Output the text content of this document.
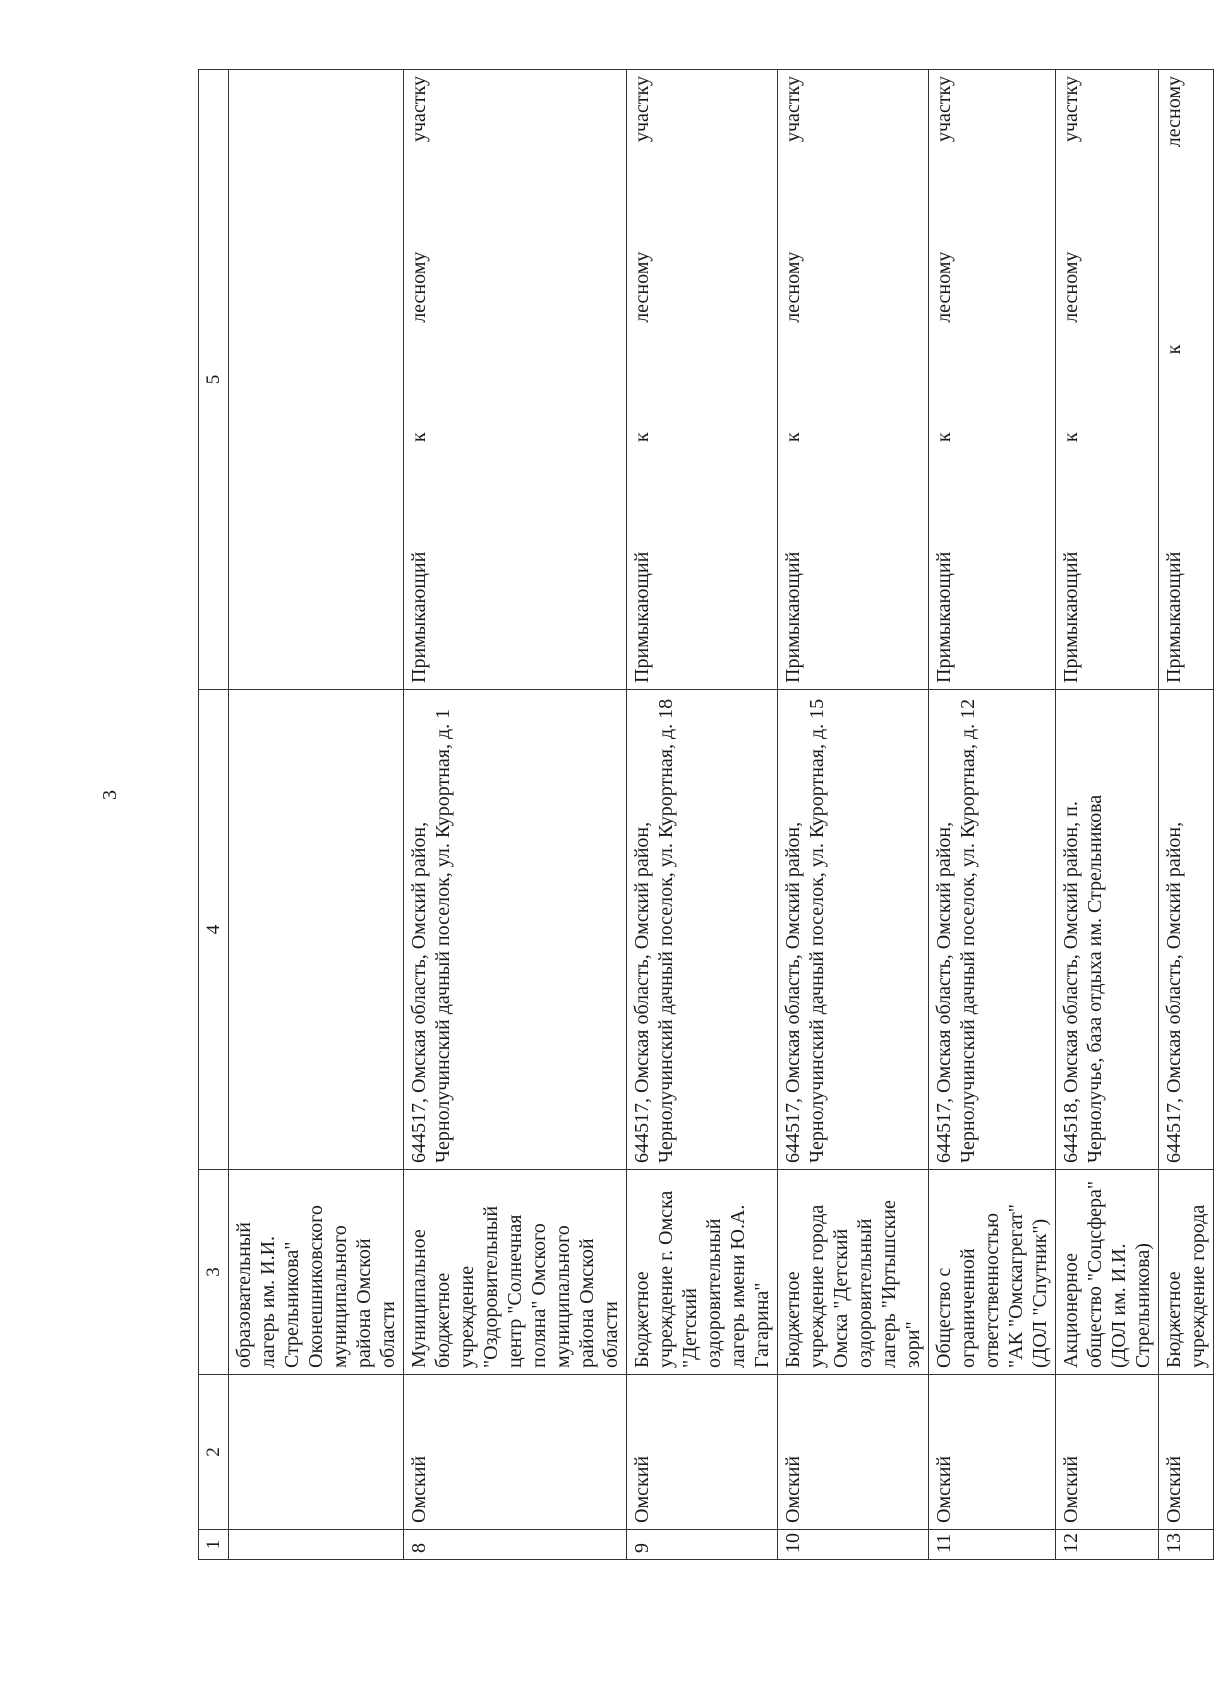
3
1	2	3	4	5
		образовательный лагерь им. И.И. Стрельникова" Оконешниковского муниципального района Омской области		
8	Омский	Муниципальное бюджетное учреждение "Оздоровительный центр "Солнечная поляна" Омского муниципального района Омской области	644517, Омская область, Омский район, Чернолучинский дачный поселок, ул. Курортная, д. 1	Примыкающий к лесному участку
9	Омский	Бюджетное учреждение г. Омска "Детский оздоровительный лагерь имени Ю.А. Гагарина"	644517, Омская область, Омский район, Чернолучинский дачный поселок, ул. Курортная, д. 18	Примыкающий к лесному участку
10	Омский	Бюджетное учреждение города Омска "Детский оздоровительный лагерь "Иртышские зори"	644517, Омская область, Омский район, Чернолучинский дачный поселок, ул. Курортная, д. 15	Примыкающий к лесному участку
11	Омский	Общество с ограниченной ответственностью "АК "Омскагрегат" (ДОЛ "Спутник")	644517, Омская область, Омский район, Чернолучинский дачный поселок, ул. Курортная, д. 12	Примыкающий к лесному участку
12	Омский	Акционерное общество "Соцсфера" (ДОЛ им. И.И. Стрельникова)	644518, Омская область, Омский район, п. Чернолучье, база отдыха им. Стрельникова	Примыкающий к лесному участку
13	Омский	Бюджетное учреждение города	644517, Омская область, Омский район,	Примыкающий к лесному
